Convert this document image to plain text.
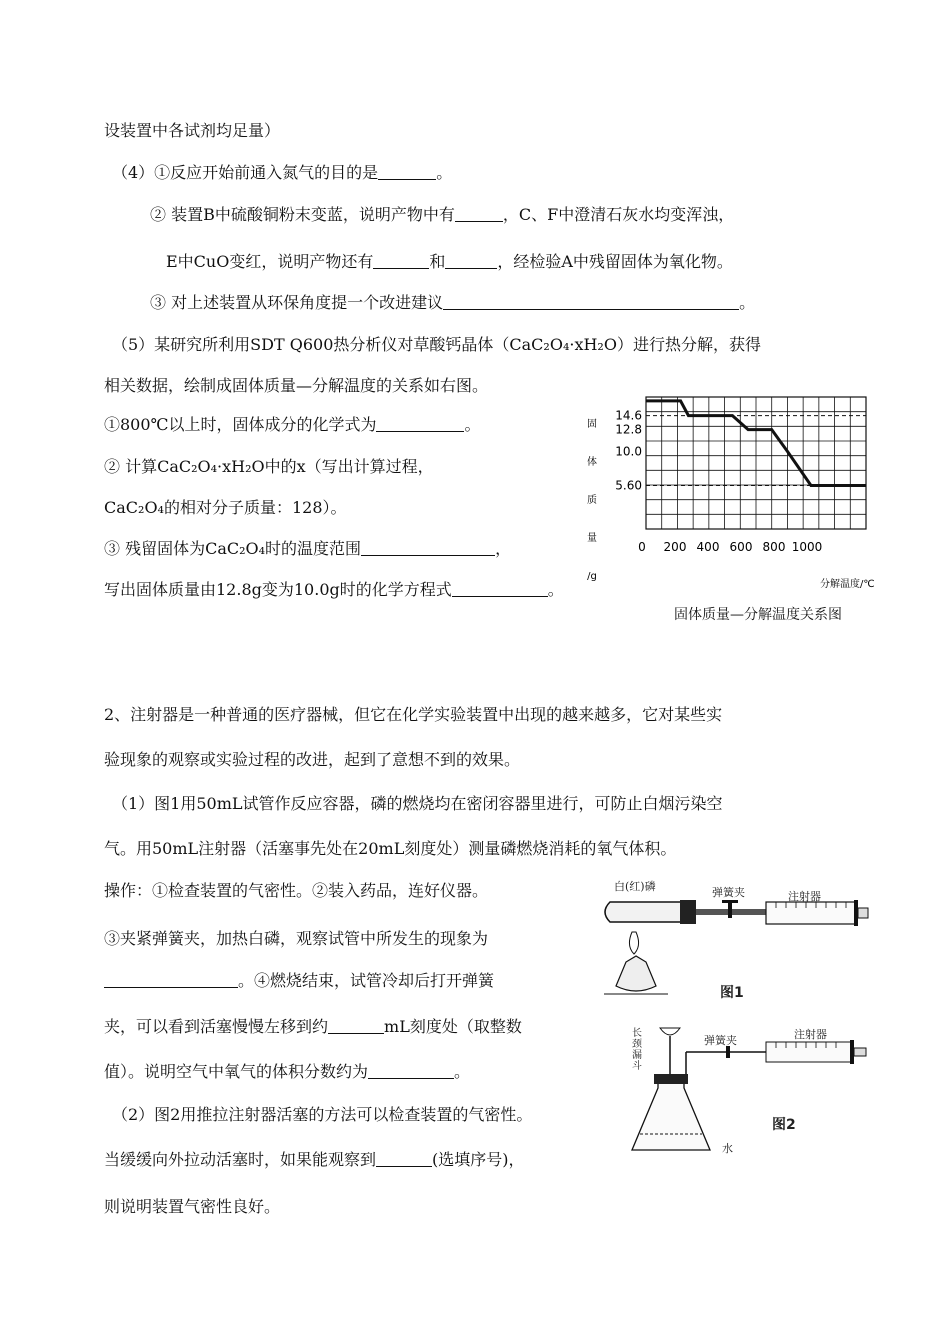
设装置中各试剂均足量）
（4）①反应开始前通入氮气的目的是	。
② 装置B中硫酸铜粉末变蓝，说明产物中有	，C、F中澄清石灰水均变浑浊，
E中CuO变红，说明产物还有	和	，经检验A中残留固体为氧化物。
③ 对上述装置从环保角度提一个改进建议	。
（5）某研究所利用SDT Q600热分析仪对草酸钙晶体（CaC₂O₄·xH₂O）进行热分解，获得
相关数据，绘制成固体质量—分解温度的关系如右图。
①800℃以上时，固体成分的化学式为	。
② 计算CaC₂O₄·xH₂O中的x（写出计算过程，
CaC₂O₄的相对分子质量：128）。
③ 残留固体为CaC₂O₄时的温度范围	，
写出固体质量由12.8g变为10.0g时的化学方程式	。
固
体
质
量
/g
14.6
12.8
10.0
5.60
0 200 400 600 800 1000
分解温度/℃
固体质量—分解温度关系图
2、注射器是一种普通的医疗器械，但它在化学实验装置中出现的越来越多，它对某些实
验现象的观察或实验过程的改进，起到了意想不到的效果。
（1）图1用50mL试管作反应容器，磷的燃烧均在密闭容器里进行，可防止白烟污染空
气。用50mL注射器（活塞事先处在20mL刻度处）测量磷燃烧消耗的氧气体积。
操作：①检查装置的气密性。②装入药品，连好仪器。
③夹紧弹簧夹，加热白磷，观察试管中所发生的现象为
。④燃烧结束，试管冷却后打开弹簧
夹，可以看到活塞慢慢左移到约	mL刻度处（取整数
值）。说明空气中氧气的体积分数约为	。
（2）图2用推拉注射器活塞的方法可以检查装置的气密性。
当缓缓向外拉动活塞时，如果能观察到	(选填序号)，
则说明装置气密性良好。
白(红)磷	弹簧夹	注射器
图1
长颈漏斗
弹簧夹	注射器
水
图2
